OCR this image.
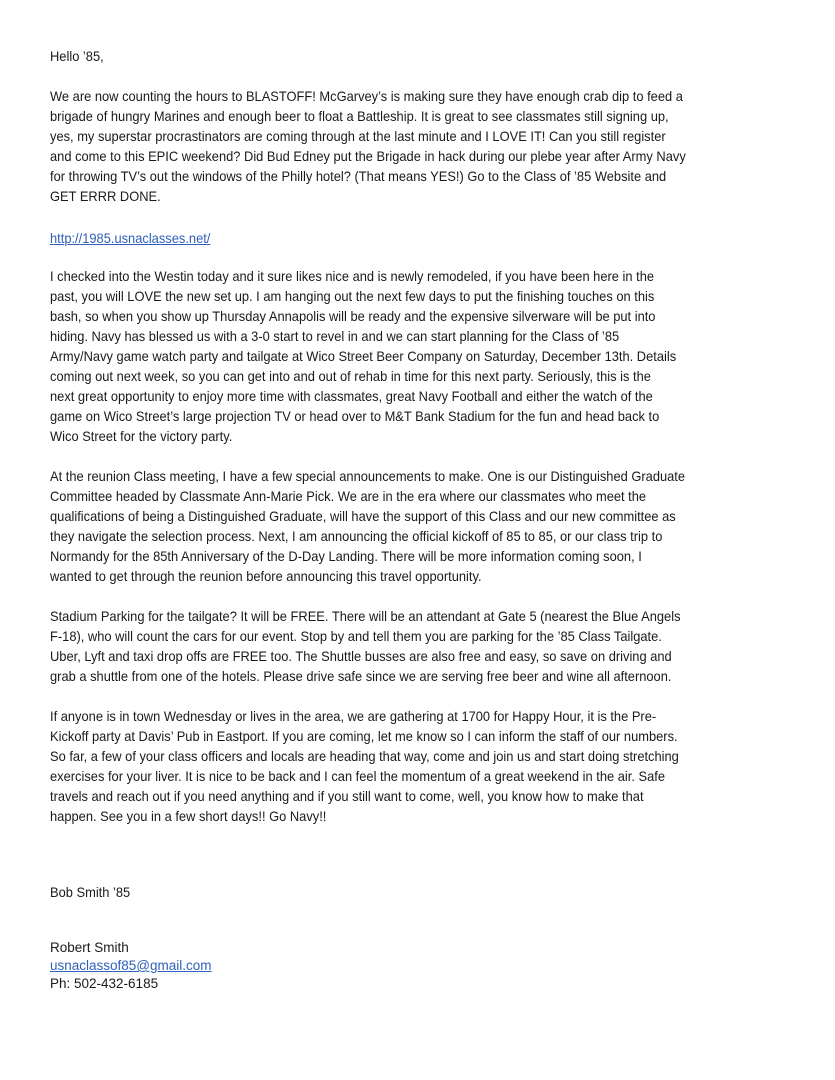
Hello ’85,
We are now counting the hours to BLASTOFF! McGarvey’s is making sure they have enough crab dip to feed a
brigade of hungry Marines and enough beer to float a Battleship. It is great to see classmates still signing up,
yes, my superstar procrastinators are coming through at the last minute and I LOVE IT! Can you still register
and come to this EPIC weekend? Did Bud Edney put the Brigade in hack during our plebe year after Army Navy
for throwing TV’s out the windows of the Philly hotel? (That means YES!) Go to the Class of ’85 Website and
GET ERRR DONE.
http://1985.usnaclasses.net/
I checked into the Westin today and it sure likes nice and is newly remodeled, if you have been here in the
past, you will LOVE the new set up. I am hanging out the next few days to put the finishing touches on this
bash, so when you show up Thursday Annapolis will be ready and the expensive silverware will be put into
hiding. Navy has blessed us with a 3-0 start to revel in and we can start planning for the Class of ’85
Army/Navy game watch party and tailgate at Wico Street Beer Company on Saturday, December 13th. Details
coming out next week, so you can get into and out of rehab in time for this next party. Seriously, this is the
next great opportunity to enjoy more time with classmates, great Navy Football and either the watch of the
game on Wico Street’s large projection TV or head over to M&T Bank Stadium for the fun and head back to
Wico Street for the victory party.
At the reunion Class meeting, I have a few special announcements to make. One is our Distinguished Graduate
Committee headed by Classmate Ann-Marie Pick. We are in the era where our classmates who meet the
qualifications of being a Distinguished Graduate, will have the support of this Class and our new committee as
they navigate the selection process. Next, I am announcing the official kickoff of 85 to 85, or our class trip to
Normandy for the 85th Anniversary of the D-Day Landing. There will be more information coming soon, I
wanted to get through the reunion before announcing this travel opportunity.
Stadium Parking for the tailgate? It will be FREE. There will be an attendant at Gate 5 (nearest the Blue Angels
F-18), who will count the cars for our event. Stop by and tell them you are parking for the ’85 Class Tailgate.
Uber, Lyft and taxi drop offs are FREE too. The Shuttle busses are also free and easy, so save on driving and
grab a shuttle from one of the hotels. Please drive safe since we are serving free beer and wine all afternoon.
If anyone is in town Wednesday or lives in the area, we are gathering at 1700 for Happy Hour, it is the Pre-
Kickoff party at Davis’ Pub in Eastport. If you are coming, let me know so I can inform the staff of our numbers.
So far, a few of your class officers and locals are heading that way, come and join us and start doing stretching
exercises for your liver. It is nice to be back and I can feel the momentum of a great weekend in the air. Safe
travels and reach out if you need anything and if you still want to come, well, you know how to make that
happen. See you in a few short days!! Go Navy!!
Bob Smith ’85
Robert Smith
usnaclassof85@gmail.com
Ph: 502-432-6185
